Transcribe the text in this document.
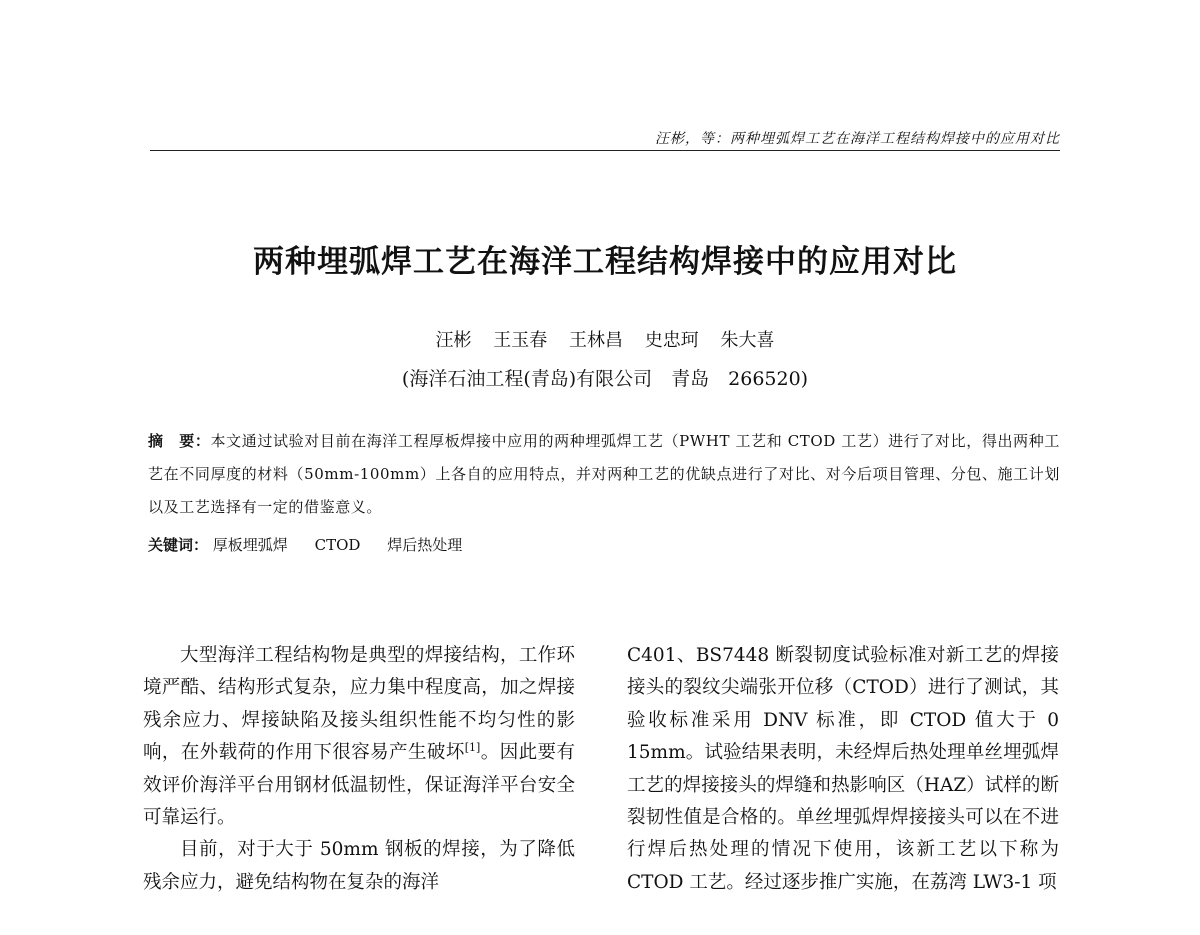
汪彬，等：两种埋弧焊工艺在海洋工程结构焊接中的应用对比
两种埋弧焊工艺在海洋工程结构焊接中的应用对比
汪彬 王玉春 王林昌 史忠珂 朱大喜
(海洋石油工程(青岛)有限公司　青岛　266520)
摘　要：本文通过试验对目前在海洋工程厚板焊接中应用的两种埋弧焊工艺（PWHT 工艺和 CTOD 工艺）进行了对比，得出两种工艺在不同厚度的材料（50mm-100mm）上各自的应用特点，并对两种工艺的优缺点进行了对比、对今后项目管理、分包、施工计划以及工艺选择有一定的借鉴意义。
关键词： 厚板埋弧焊 CTOD 焊后热处理

大型海洋工程结构物是典型的焊接结构，工作环境严酷、结构形式复杂，应力集中程度高，加之焊接残余应力、焊接缺陷及接头组织性能不均匀性的影响，在外载荷的作用下很容易产生破坏[1]。因此要有效评价海洋平台用钢材低温韧性，保证海洋平台安全可靠运行。

目前，对于大于 50mm 钢板的焊接，为了降低残余应力，避免结构物在复杂的海洋

C401、BS7448 断裂韧度试验标准对新工艺的焊接接头的裂纹尖端张开位移（CTOD）进行了测试，其验收标准采用 DNV 标准，即 CTOD 值大于 0　15mm。试验结果表明，未经焊后热处理单丝埋弧焊工艺的焊接接头的焊缝和热影响区（HAZ）试样的断裂韧性值是合格的。单丝埋弧焊焊接接头可以在不进行焊后热处理的情况下使用，该新工艺以下称为 CTOD 工艺。经过逐步推广实施，在荔湾 LW3-1 项
